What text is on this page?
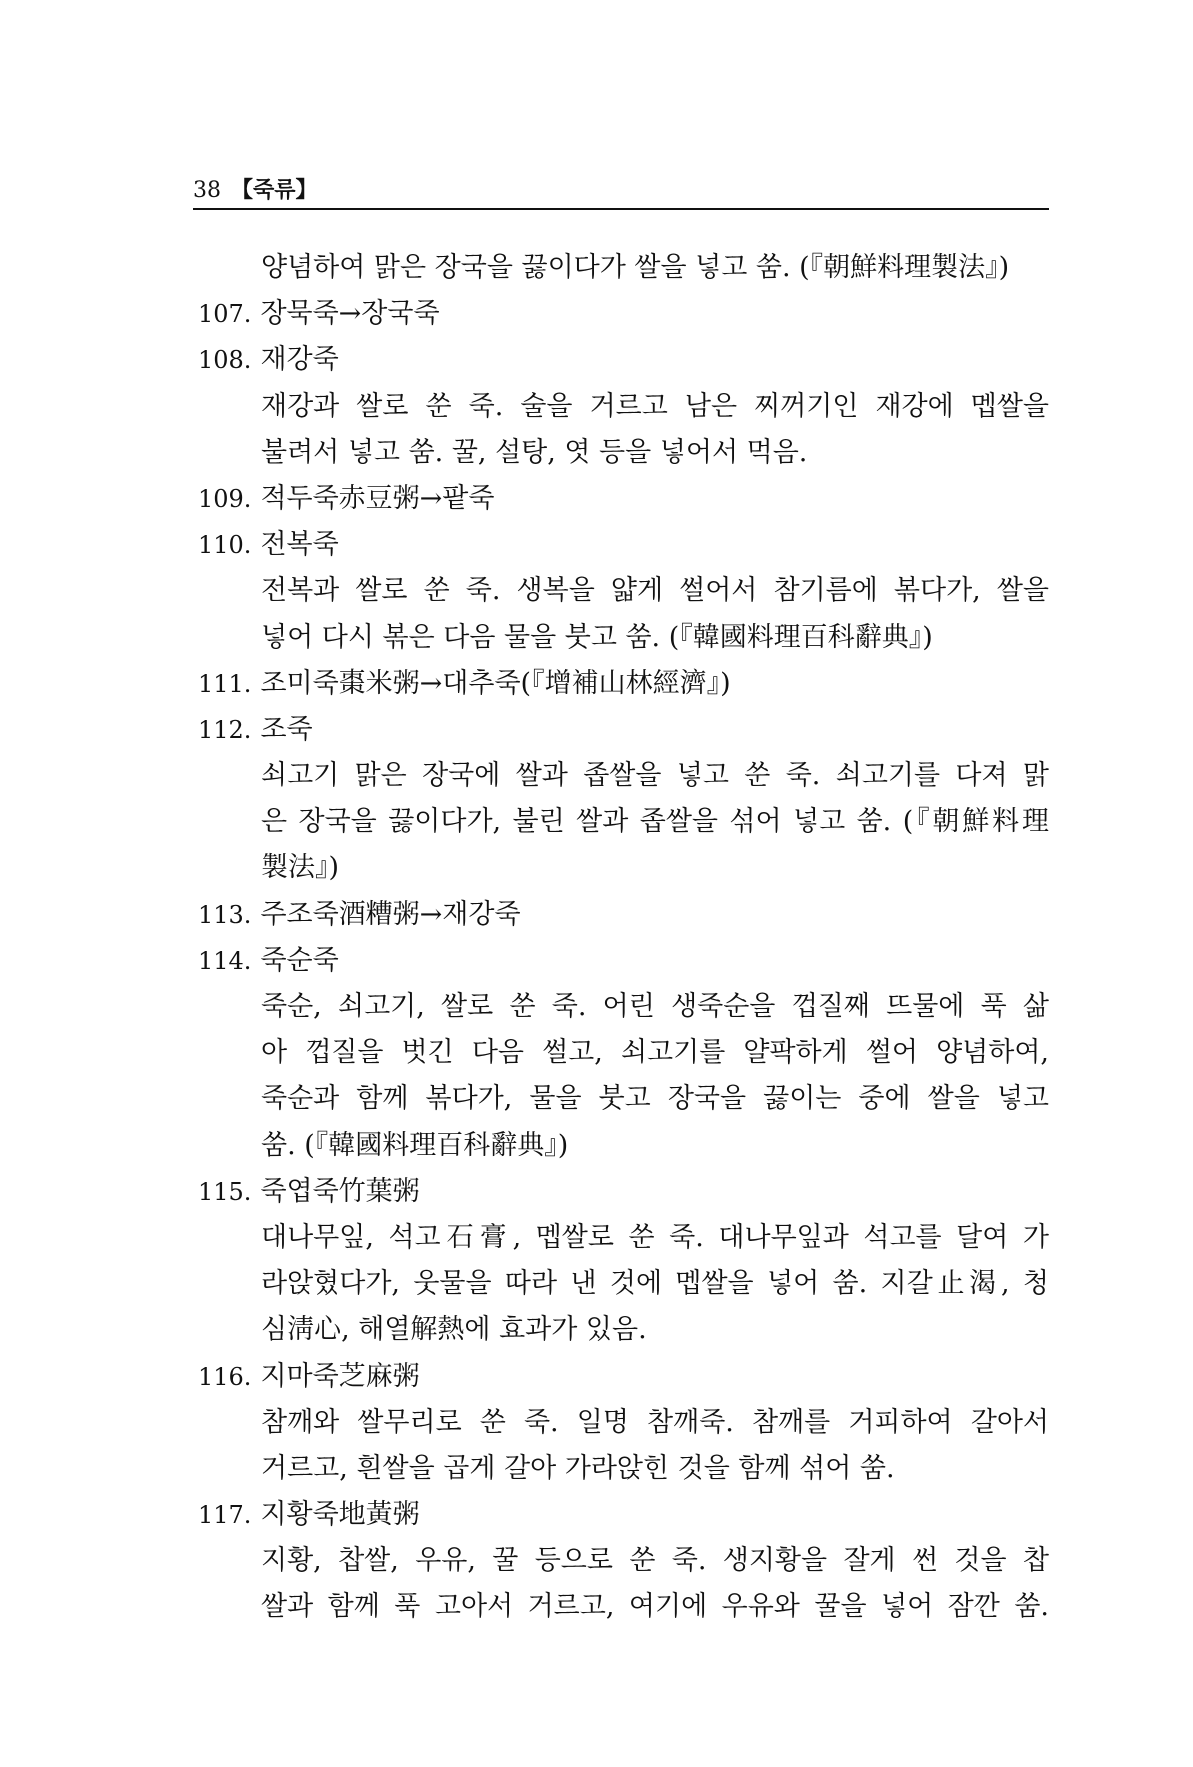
38 【죽류】
양념하여 맑은 장국을 끓이다가 쌀을 넣고 쑴. (『朝鮮料理製法』)
107. 장묵죽→장국죽
108. 재강죽
재강과 쌀로 쑨 죽. 술을 거르고 남은 찌꺼기인 재강에 멥쌀을
불려서 넣고 쑴. 꿀, 설탕, 엿 등을 넣어서 먹음.
109. 적두죽赤豆粥→팥죽
110. 전복죽
전복과 쌀로 쑨 죽. 생복을 얇게 썰어서 참기름에 볶다가, 쌀을
넣어 다시 볶은 다음 물을 붓고 쑴. (『韓國料理百科辭典』)
111. 조미죽棗米粥→대추죽(『增補山林經濟』)
112. 조죽
쇠고기 맑은 장국에 쌀과 좁쌀을 넣고 쑨 죽. 쇠고기를 다져 맑
은 장국을 끓이다가, 불린 쌀과 좁쌀을 섞어 넣고 쑴. (『朝鮮料理
製法』)
113. 주조죽酒糟粥→재강죽
114. 죽순죽
죽순, 쇠고기, 쌀로 쑨 죽. 어린 생죽순을 껍질째 뜨물에 푹 삶
아 껍질을 벗긴 다음 썰고, 쇠고기를 얄팍하게 썰어 양념하여,
죽순과 함께 볶다가, 물을 붓고 장국을 끓이는 중에 쌀을 넣고
쑴. (『韓國料理百科辭典』)
115. 죽엽죽竹葉粥
대나무잎, 석고石膏, 멥쌀로 쑨 죽. 대나무잎과 석고를 달여 가
라앉혔다가, 웃물을 따라 낸 것에 멥쌀을 넣어 쑴. 지갈止渴, 청
심淸心, 해열解熱에 효과가 있음.
116. 지마죽芝麻粥
참깨와 쌀무리로 쑨 죽. 일명 참깨죽. 참깨를 거피하여 갈아서
거르고, 흰쌀을 곱게 갈아 가라앉힌 것을 함께 섞어 쑴.
117. 지황죽地黃粥
지황, 찹쌀, 우유, 꿀 등으로 쑨 죽. 생지황을 잘게 썬 것을 찹
쌀과 함께 푹 고아서 거르고, 여기에 우유와 꿀을 넣어 잠깐 쑴.
